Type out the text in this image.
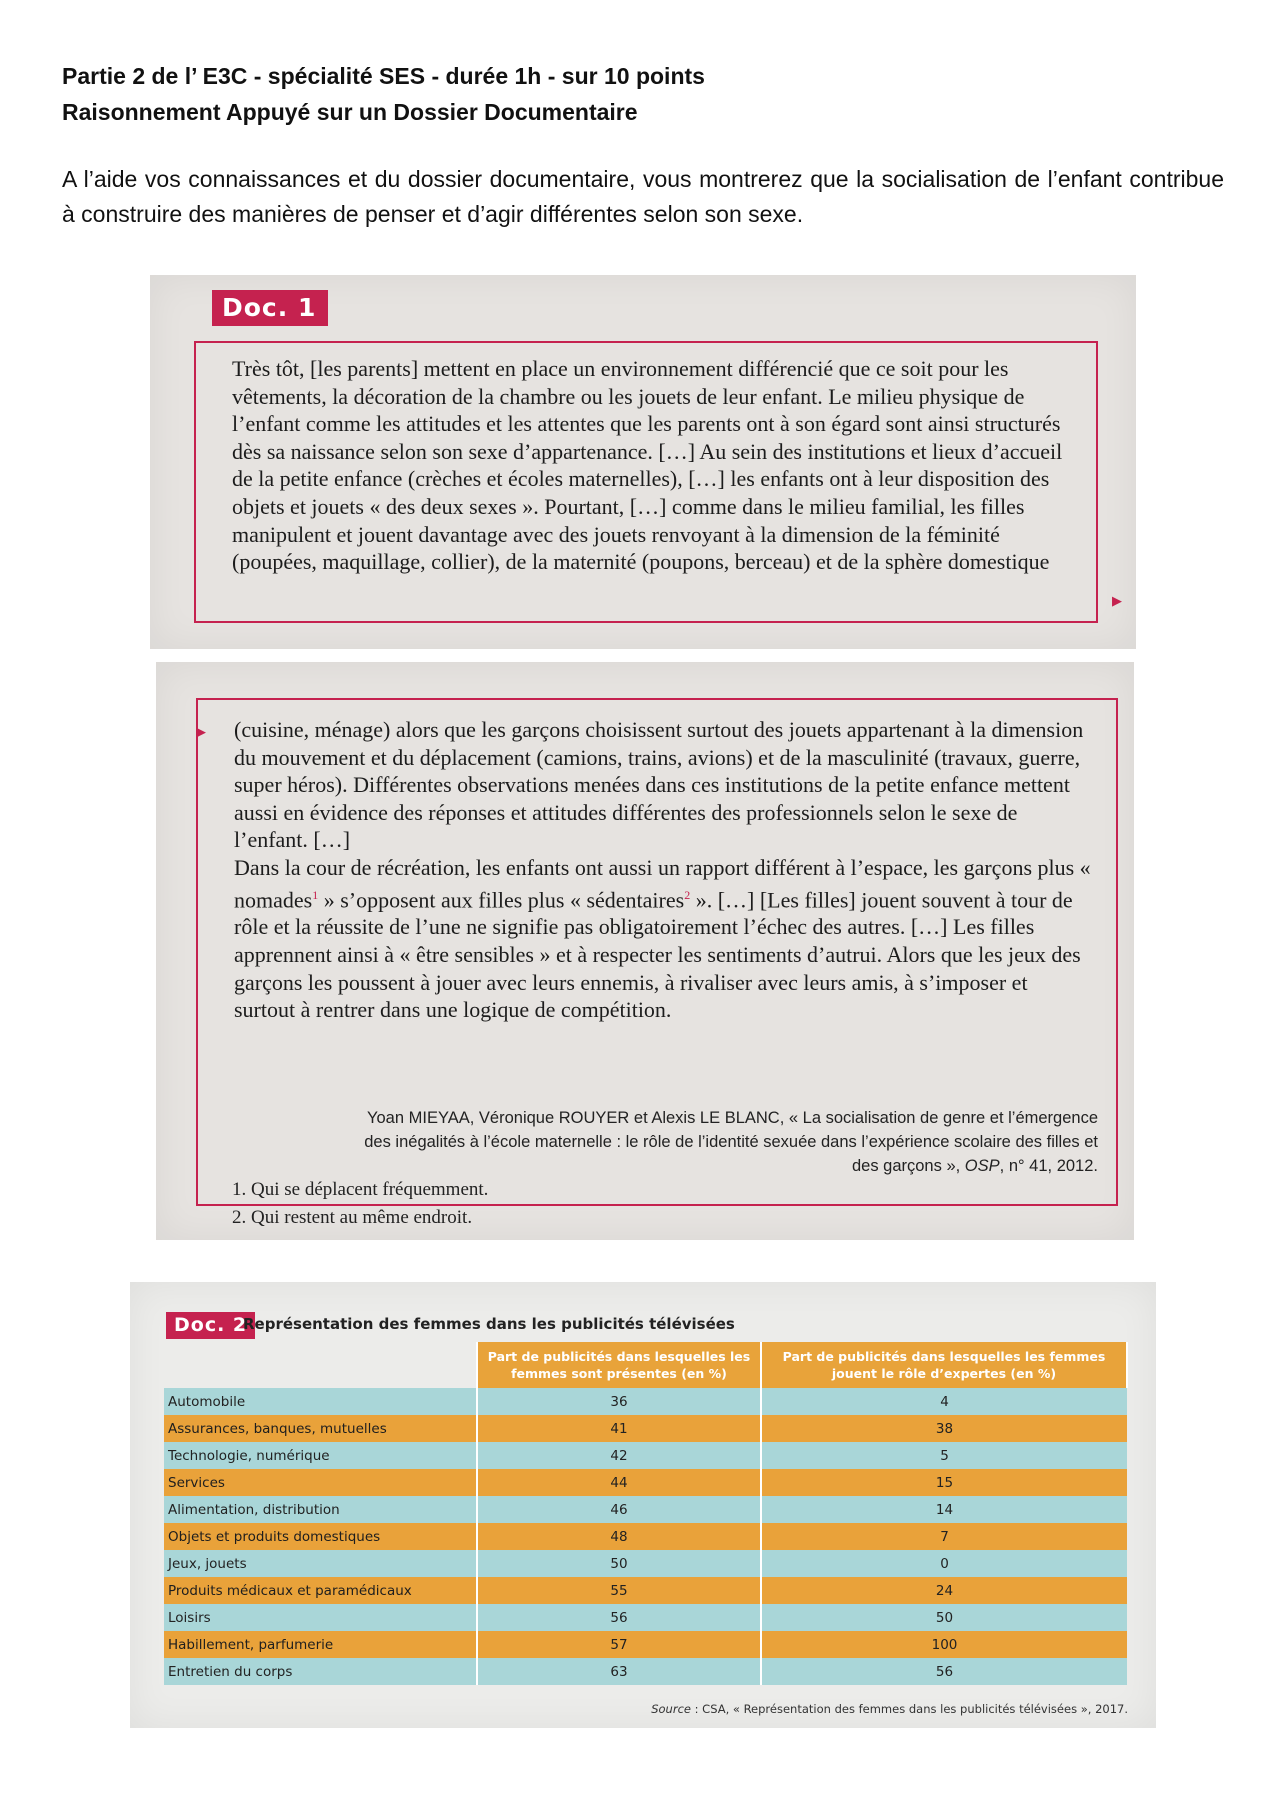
Partie 2 de l’ E3C - spécialité SES - durée 1h - sur 10 points
Raisonnement Appuyé sur un Dossier Documentaire
A l’aide vos connaissances et du dossier documentaire, vous montrerez que la socialisation de l’enfant contribue à construire des manières de penser et d’agir différentes selon son sexe.
Doc. 1
Très tôt, [les parents] mettent en place un environnement différencié que ce soit pour les vêtements, la décoration de la chambre ou les jouets de leur enfant. Le milieu physique de l’enfant comme les attitudes et les attentes que les parents ont à son égard sont ainsi structurés dès sa naissance selon son sexe d’appartenance. […] Au sein des institutions et lieux d’accueil de la petite enfance (crèches et écoles maternelles), […] les enfants ont à leur disposition des objets et jouets « des deux sexes ». Pourtant, […] comme dans le milieu familial, les filles manipulent et jouent davantage avec des jouets renvoyant à la dimension de la féminité (poupées, maquillage, collier), de la maternité (poupons, berceau) et de la sphère domestique
▶
▶ (cuisine, ménage) alors que les garçons choisissent surtout des jouets appartenant à la dimension du mouvement et du déplacement (camions, trains, avions) et de la masculinité (travaux, guerre, super héros). Différentes observations menées dans ces institutions de la petite enfance mettent aussi en évidence des réponses et attitudes différentes des professionnels selon le sexe de l’enfant. […]
Dans la cour de récréation, les enfants ont aussi un rapport différent à l’espace, les garçons plus « nomades$^1$ » s’opposent aux filles plus « sédentaires$^2$ ». […] [Les filles] jouent souvent à tour de rôle et la réussite de l’une ne signifie pas obligatoirement l’échec des autres. […] Les filles apprennent ainsi à « être sensibles » et à respecter les sentiments d’autrui. Alors que les jeux des garçons les poussent à jouer avec leurs ennemis, à rivaliser avec leurs amis, à s’imposer et surtout à rentrer dans une logique de compétition.
Yoan MIEYAA, Véronique ROUYER et Alexis LE BLANC, « La socialisation de genre et l’émergence des inégalités à l’école maternelle : le rôle de l’identité sexuée dans l’expérience scolaire des filles et des garçons », OSP, n° 41, 2012.
1. Qui se déplacent fréquemment.
2. Qui restent au même endroit.
Doc. 2
Représentation des femmes dans les publicités télévisées
	Part de publicités dans lesquelles les femmes sont présentes (en %)	Part de publicités dans lesquelles les femmes jouent le rôle d’expertes (en %)
Automobile	36	4
Assurances, banques, mutuelles	41	38
Technologie, numérique	42	5
Services	44	15
Alimentation, distribution	46	14
Objets et produits domestiques	48	7
Jeux, jouets	50	0
Produits médicaux et paramédicaux	55	24
Loisirs	56	50
Habillement, parfumerie	57	100
Entretien du corps	63	56
Source : CSA, « Représentation des femmes dans les publicités télévisées », 2017.
